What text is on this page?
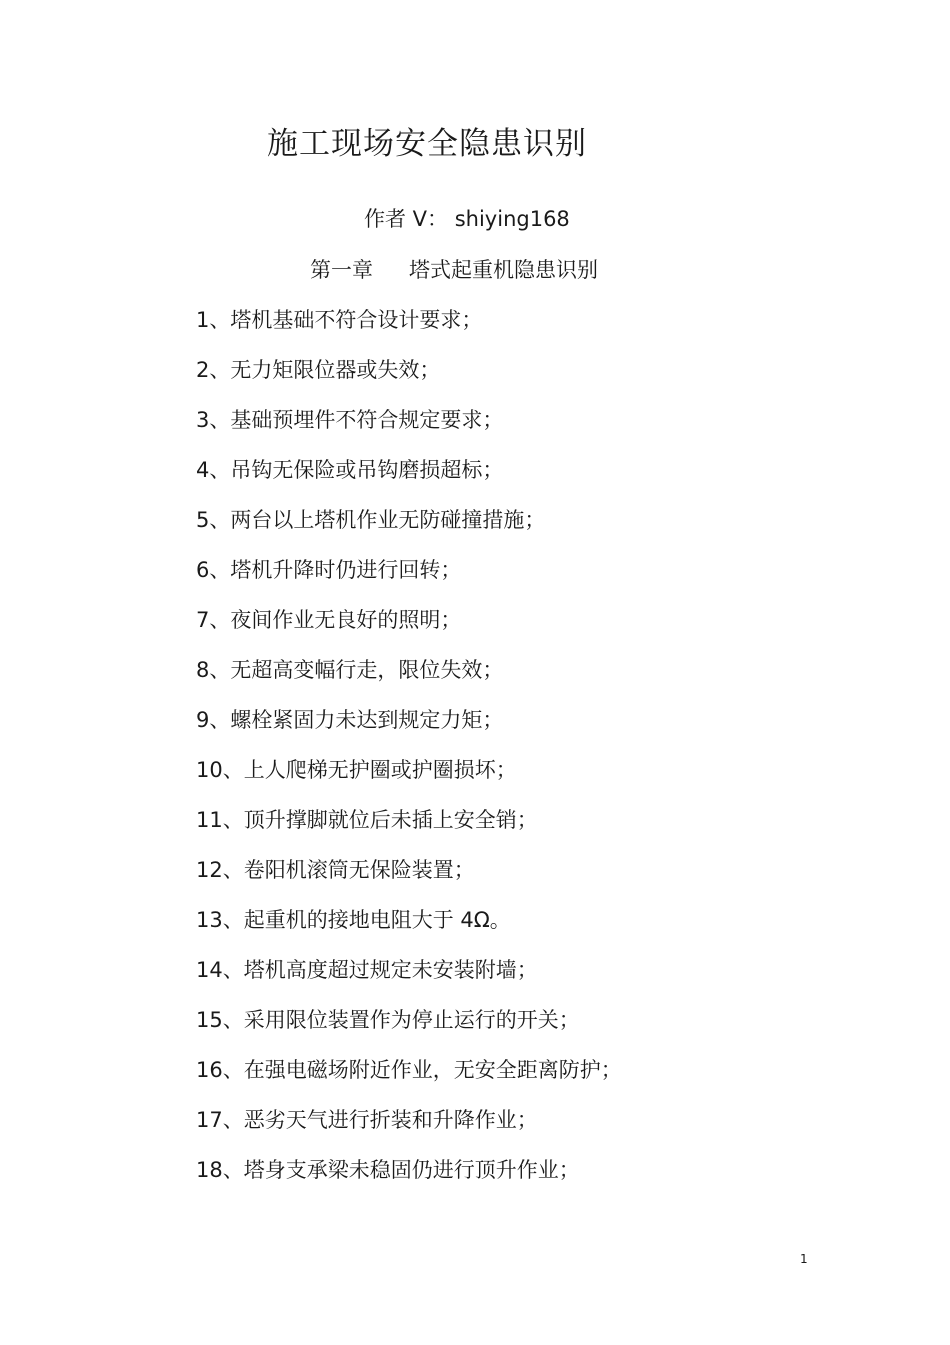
施工现场安全隐患识别
作者 V： shiying168
第一章 塔式起重机隐患识别
1、塔机基础不符合设计要求；
2、无力矩限位器或失效；
3、基础预埋件不符合规定要求；
4、吊钩无保险或吊钩磨损超标；
5、两台以上塔机作业无防碰撞措施；
6、塔机升降时仍进行回转；
7、夜间作业无良好的照明；
8、无超高变幅行走，限位失效；
9、螺栓紧固力未达到规定力矩；
10、上人爬梯无护圈或护圈损坏；
11、顶升撑脚就位后未插上安全销；
12、卷阳机滚筒无保险装置；
13、起重机的接地电阻大于 4Ω。
14、塔机高度超过规定未安装附墙；
15、采用限位装置作为停止运行的开关；
16、在强电磁场附近作业，无安全距离防护；
17、恶劣天气进行折装和升降作业；
18、塔身支承梁未稳固仍进行顶升作业；
1
